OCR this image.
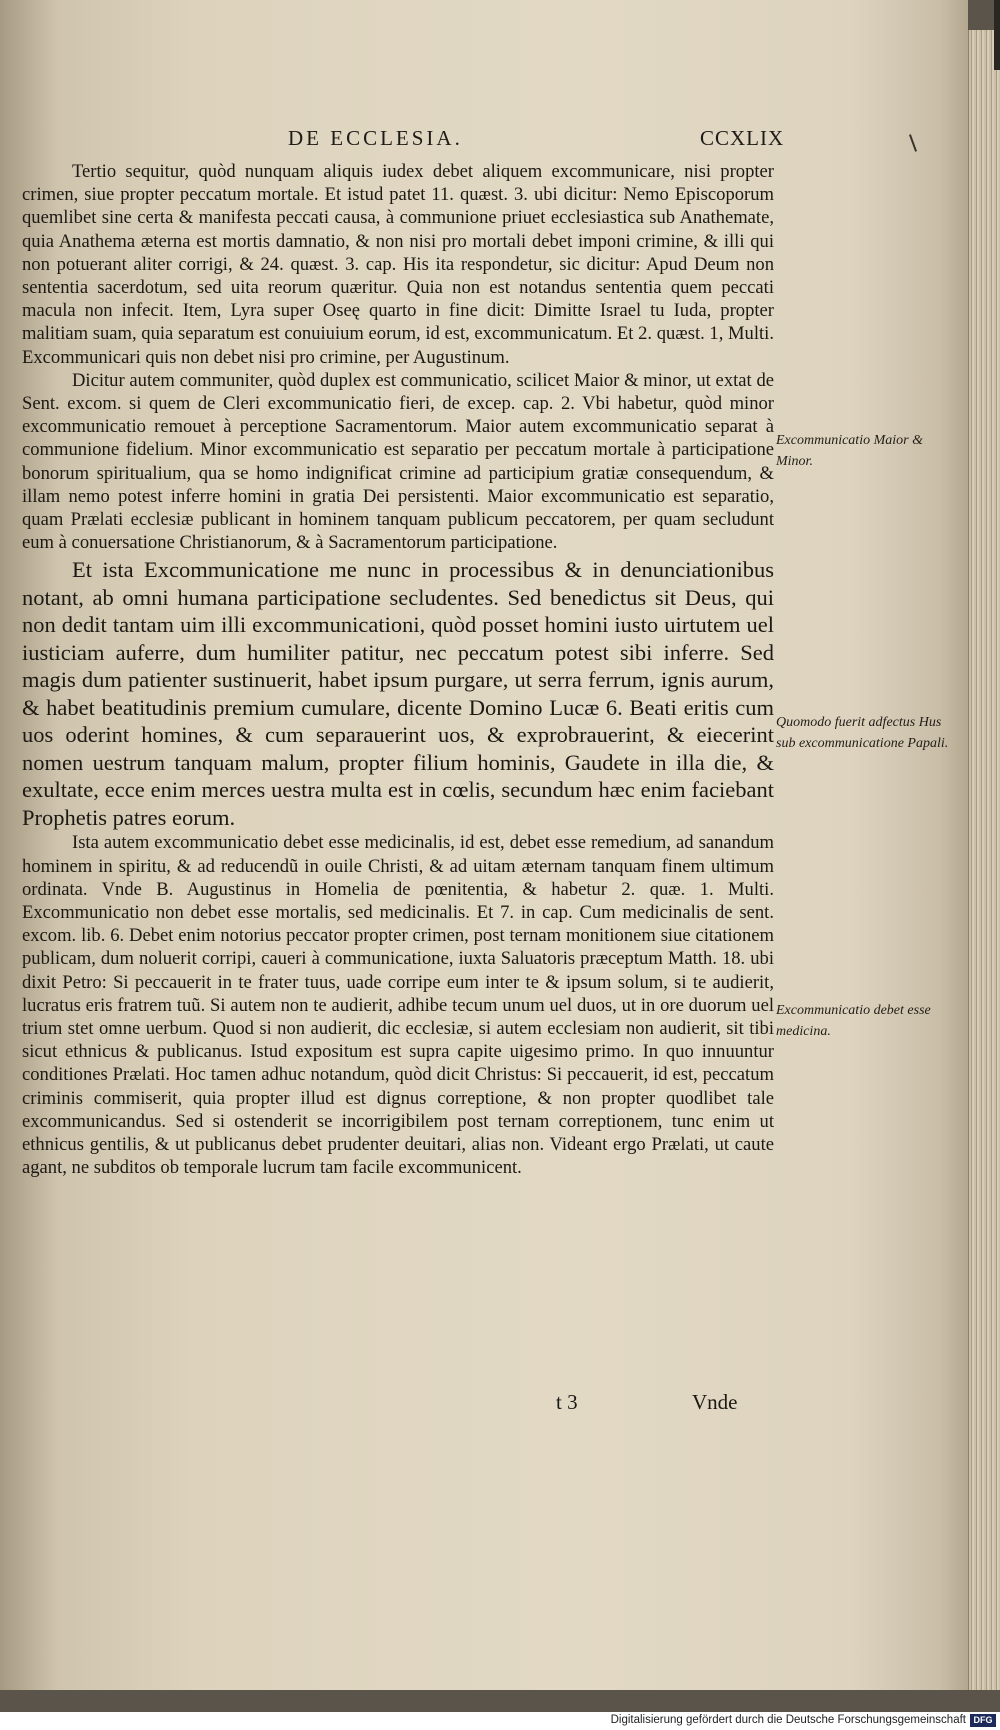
DE ECCLESIA.	CCXLIX

Tertio sequitur, quòd nunquam aliquis iudex debet aliquem excommunicare, nisi propter crimen, siue propter peccatum mortale. Et istud patet 11. quæst. 3. ubi dicitur: Nemo Episcoporum quemlibet sine certa & manifesta peccati causa, à communione priuet ecclesiastica sub Anathemate, quia Anathema æterna est mortis damnatio, & non nisi pro mortali debet imponi crimine, & illi qui non potuerant aliter corrigi, & 24. quæst. 3. cap. His ita respondetur, sic dicitur: Apud Deum non sententia sacerdotum, sed uita reorum quæritur. Quia non est notandus sententia quem peccati macula non infecit. Item, Lyra super Oseę quarto in fine dicit: Dimitte Israel tu Iuda, propter malitiam suam, quia separatum est conuiuium eorum, id est, excommunicatum. Et 2. quæst. 1, Multi. Excommunicari quis non debet nisi pro crimine, per Augustinum.

Dicitur autem communiter, quòd duplex est communicatio, scilicet Maior & minor, ut extat de Sent. excom. si quem de Cleri excommunicatio fieri, de excep. cap. 2. Vbi habetur, quòd minor excommunicatio remouet à perceptione Sacramentorum. Maior autem excommunicatio separat à communione fidelium. Minor excommunicatio est separatio per peccatum mortale à participatione bonorum spiritualium, qua se homo indignificat crimine ad participium gratiæ consequendum, & illam nemo potest inferre homini in gratia Dei persistenti. Maior excommunicatio est separatio, quam Prælati ecclesiæ publicant in hominem tanquam publicum peccatorem, per quam secludunt eum à conuersatione Christianorum, & à Sacramentorum participatione.

Et ista Excommunicatione me nunc in processibus & in denunciationibus notant, ab omni humana participatione secludentes. Sed benedictus sit Deus, qui non dedit tantam uim illi excommunicationi, quòd posset homini iusto uirtutem uel iusticiam auferre, dum humiliter patitur, nec peccatum potest sibi inferre. Sed magis dum patienter sustinuerit, habet ipsum purgare, ut serra ferrum, ignis aurum, & habet beatitudinis premium cumulare, dicente Domino Lucæ 6. Beati eritis cum uos oderint homines, & cum separauerint uos, & exprobrauerint, & eiecerint nomen uestrum tanquam malum, propter filium hominis, Gaudete in illa die, & exultate, ecce enim merces uestra multa est in cœlis, secundum hæc enim faciebant Prophetis patres eorum.

Ista autem excommunicatio debet esse medicinalis, id est, debet esse remedium, ad sanandum hominem in spiritu, & ad reducendũ in ouile Christi, & ad uitam æternam tanquam finem ultimum ordinata. Vnde B. Augustinus in Homelia de pœnitentia, & habetur 2. quæ. 1. Multi. Excommunicatio non debet esse mortalis, sed medicinalis. Et 7. in cap. Cum medicinalis de sent. excom. lib. 6. Debet enim notorius peccator propter crimen, post ternam monitionem siue citationem publicam, dum noluerit corripi, caueri à communicatione, iuxta Saluatoris præceptum Matth. 18. ubi dixit Petro: Si peccauerit in te frater tuus, uade corripe eum inter te & ipsum solum, si te audierit, lucratus eris fratrem tuũ. Si autem non te audierit, adhibe tecum unum uel duos, ut in ore duorum uel trium stet omne uerbum. Quod si non audierit, dic ecclesiæ, si autem ecclesiam non audierit, sit tibi sicut ethnicus & publicanus. Istud expositum est supra capite uigesimo primo. In quo innuuntur conditiones Prælati. Hoc tamen adhuc notandum, quòd dicit Christus: Si peccauerit, id est, peccatum criminis commiserit, quia propter illud est dignus correptione, & non propter quodlibet tale excommunicandus. Sed si ostenderit se incorrigibilem post ternam correptionem, tunc enim ut ethnicus gentilis, & ut publicanus debet prudenter deuitari, alias non. Videant ergo Prælati, ut caute agant, ne subditos ob temporale lucrum tam facile excommunicent.

Excommunicatio Maior & Minor.
Quomodo fuerit adfectus Hus sub excommunicatione Papali.
Excommunicatio debet esse medicina.
t 3	Vnde
Digitalisierung gefördert durch die Deutsche Forschungsgemeinschaft DFG
